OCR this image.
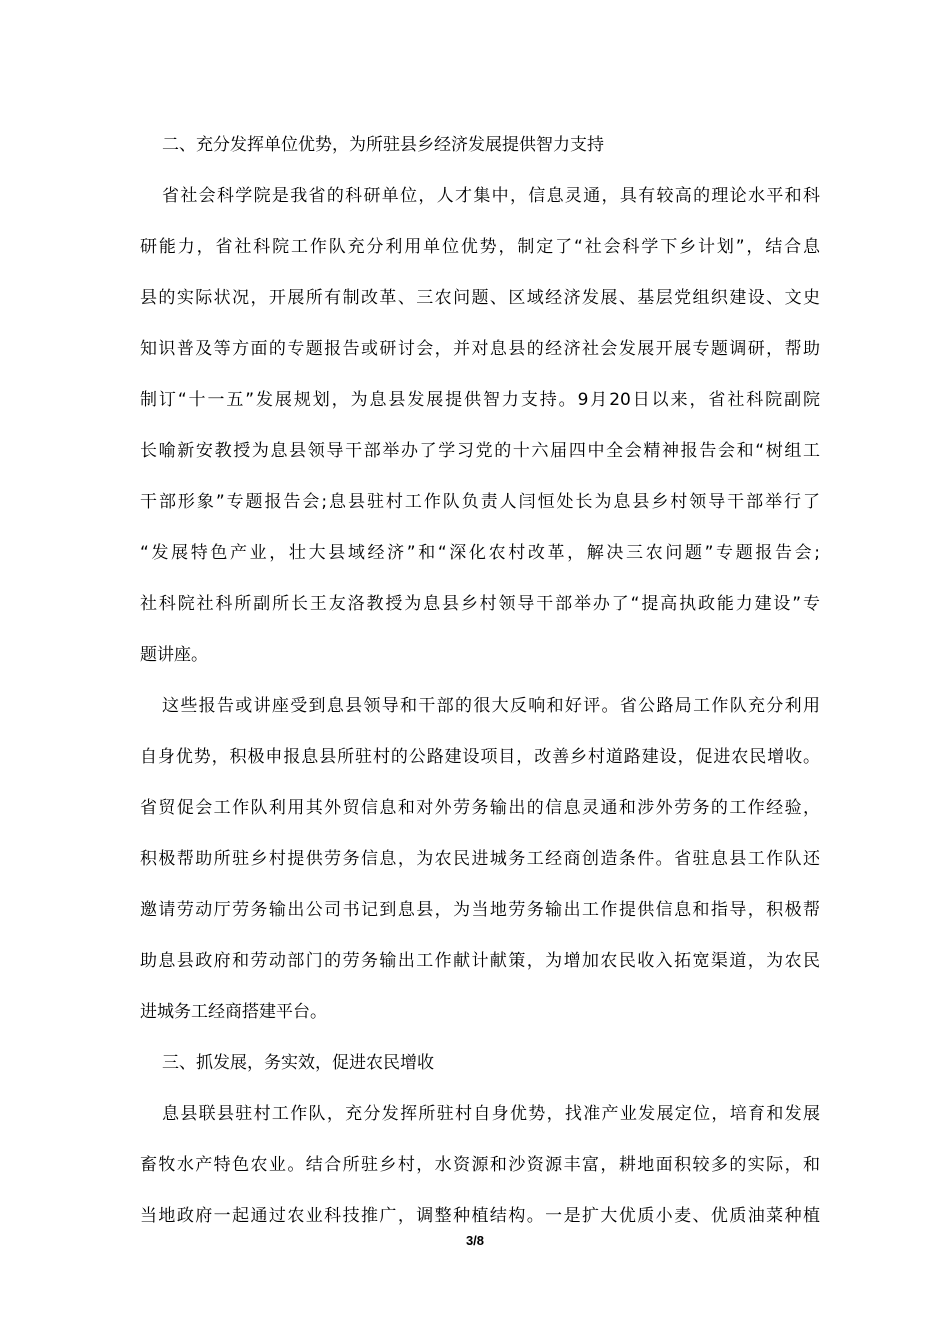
二、充分发挥单位优势，为所驻县乡经济发展提供智力支持

省社会科学院是我省的科研单位，人才集中，信息灵通，具有较高的理论水平和科
研能力，省社科院工作队充分利用单位优势，制定了“社会科学下乡计划”，结合息
县的实际状况，开展所有制改革、三农问题、区域经济发展、基层党组织建设、文史
知识普及等方面的专题报告或研讨会，并对息县的经济社会发展开展专题调研，帮助
制订“十一五”发展规划，为息县发展提供智力支持。9月20日以来，省社科院副院
长喻新安教授为息县领导干部举办了学习党的十六届四中全会精神报告会和“树组工
干部形象”专题报告会;息县驻村工作队负责人闫恒处长为息县乡村领导干部举行了
“发展特色产业，壮大县域经济”和“深化农村改革，解决三农问题”专题报告会;
社科院社科所副所长王友洛教授为息县乡村领导干部举办了“提高执政能力建设”专
题讲座。
这些报告或讲座受到息县领导和干部的很大反响和好评。省公路局工作队充分利用
自身优势，积极申报息县所驻村的公路建设项目，改善乡村道路建设，促进农民增收。
省贸促会工作队利用其外贸信息和对外劳务输出的信息灵通和涉外劳务的工作经验，
积极帮助所驻乡村提供劳务信息，为农民进城务工经商创造条件。省驻息县工作队还
邀请劳动厅劳务输出公司书记到息县，为当地劳务输出工作提供信息和指导，积极帮
助息县政府和劳动部门的劳务输出工作献计献策，为增加农民收入拓宽渠道，为农民
进城务工经商搭建平台。

三、抓发展，务实效，促进农民增收

息县联县驻村工作队，充分发挥所驻村自身优势，找准产业发展定位，培育和发展
畜牧水产特色农业。结合所驻乡村，水资源和沙资源丰富，耕地面积较多的实际，和
当地政府一起通过农业科技推广，调整种植结构。一是扩大优质小麦、优质油菜种植
3/8
